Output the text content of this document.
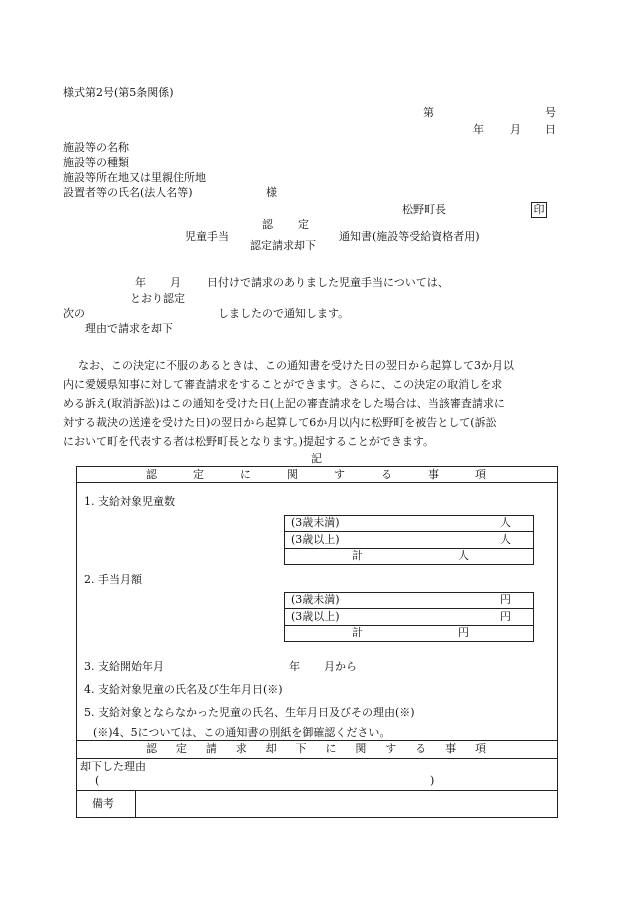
様式第2号(第5条関係)
第	号
年 月 日
施設等の名称
施設等の種類
施設等所在地又は里親住所地
設置者等の氏名(法人名等)	様
松野町長	印
認 定
児童手当	通知書(施設等受給資格者用)
認定請求却下
年 月 日付けで請求のありました児童手当については、
とおり認定
次の	しましたので通知します。
理由で請求を却下
なお、この決定に不服のあるときは、この通知書を受けた日の翌日から起算して3か月以
内に愛媛県知事に対して審査請求をすることができます。さらに、この決定の取消しを求
める訴え(取消訴訟)はこの通知を受けた日(上記の審査請求をした場合は、当該審査請求に
対する裁決の送達を受けた日)の翌日から起算して6か月以内に松野町を被告として(訴訟
において町を代表する者は松野町長となります。)提起することができます。
記
認	定	に	関	す	る	事	項
1. 支給対象児童数
(3歳未満)	人
(3歳以上)	人
計	人
2. 手当月額
(3歳未満)	円
(3歳以上)	円
計	円
3. 支給開始年月	年 月から
4. 支給対象児童の氏名及び生年月日(※)
5. 支給対象とならなかった児童の氏名、生年月日及びその理由(※)
(※)4、5については、この通知書の別紙を御確認ください。
認 定 請 求 却 下 に 関 す る 事 項
却下した理由
(	)
備考
